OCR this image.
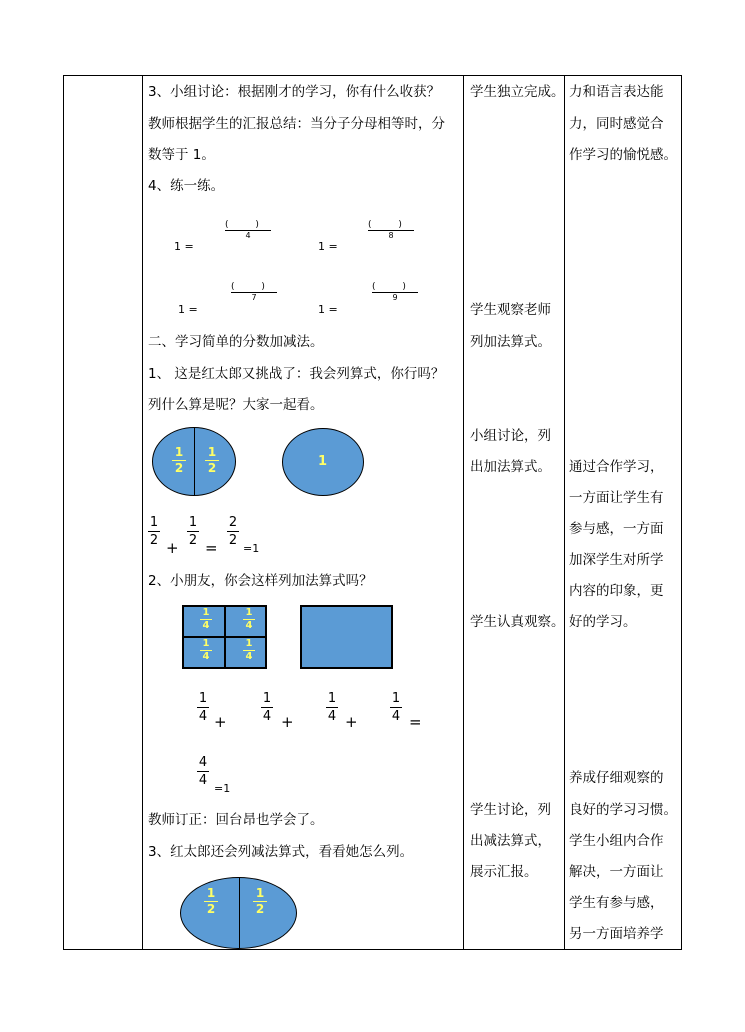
3、小组讨论：根据刚才的学习，你有什么收获？
教师根据学生的汇报总结：当分子分母相等时，分
数等于 1。
4、练一练。
1 =
( )
4
1 =
( )
8
1 =
( )
7
1 =
( )
9
二、学习简单的分数加减法。
1、 这是红太郎又挑战了：我会列算式，你行吗？
列什么算是呢？大家一起看。
1
2
1
2	1
1
2 +
1
2 =
2
2
=1
2、小朋友，你会这样列加法算式吗？
1
4
1
4
1
4
1
4
1
4 +
1
4 +
1
4 +
1
4 =
4
4
=1
教师订正：回台昂也学会了。
3、红太郎还会列减法算式，看看她怎么列。
1
2
1
2
学生独立完成。
学生观察老师
列加法算式。
小组讨论，列
出加法算式。
学生认真观察。
学生讨论，列
出减法算式，
展示汇报。
力和语言表达能
力，同时感觉合
作学习的愉悦感。
通过合作学习，
一方面让学生有
参与感，一方面
加深学生对所学
内容的印象，更
好的学习。
养成仔细观察的
良好的学习习惯。
学生小组内合作
解决，一方面让
学生有参与感，
另一方面培养学
